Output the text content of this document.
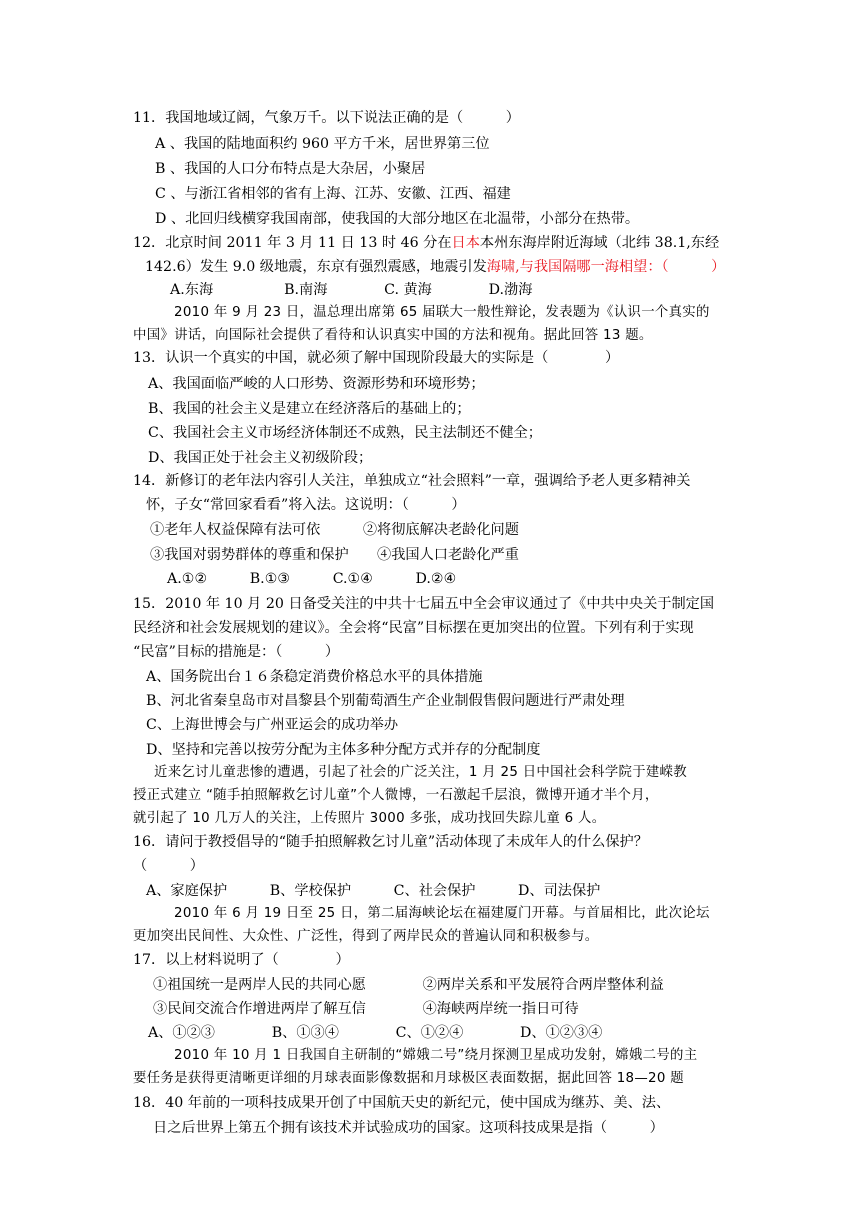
11．我国地域辽阔，气象万千。以下说法正确的是（　　　）
A 、我国的陆地面积约 960 平方千米，居世界第三位
B 、我国的人口分布特点是大杂居，小聚居
C 、与浙江省相邻的省有上海、江苏、安徽、江西、福建
D 、北回归线横穿我国南部，使我国的大部分地区在北温带，小部分在热带。
12．北京时间 2011 年 3 月 11 日 13 时 46 分在日本本州东海岸附近海域（北纬 38.1,东经
142.6）发生 9.0 级地震，东京有强烈震感，地震引发海啸,与我国隔哪一海相望：（　　　）
A.东海　　　　　B.南海　　　　C. 黄海　　　　D.渤海
2010 年 9 月 23 日，温总理出席第 65 届联大一般性辩论，发表题为《认识一个真实的
中国》讲话，向国际社会提供了看待和认识真实中国的方法和视角。据此回答 13 题。
13．认识一个真实的中国，就必须了解中国现阶段最大的实际是（　　　　）
A、我国面临严峻的人口形势、资源形势和环境形势；
B、我国的社会主义是建立在经济落后的基础上的；
C、我国社会主义市场经济体制还不成熟，民主法制还不健全；
D、我国正处于社会主义初级阶段；
14．新修订的老年法内容引人关注，单独成立“社会照料”一章，强调给予老人更多精神关
怀，子女“常回家看看”将入法。这说明：（　　　）
①老年人权益保障有法可依　　　②将彻底解决老龄化问题
③我国对弱势群体的尊重和保护　　④我国人口老龄化严重
A.①②　　　B.①③　　　C.①④　　　D.②④
15．2010 年 10 月 20 日备受关注的中共十七届五中全会审议通过了《中共中央关于制定国
民经济和社会发展规划的建议》。全会将“民富”目标摆在更加突出的位置。下列有利于实现
“民富”目标的措施是：（　　　）
A、国务院出台１６条稳定消费价格总水平的具体措施
B、河北省秦皇岛市对昌黎县个别葡萄酒生产企业制假售假问题进行严肃处理
C、上海世博会与广州亚运会的成功举办
D、坚持和完善以按劳分配为主体多种分配方式并存的分配制度
近来乞讨儿童悲惨的遭遇，引起了社会的广泛关注，1 月 25 日中国社会科学院于建嵘教
授正式建立 “随手拍照解救乞讨儿童”个人微博，一石激起千层浪，微博开通才半个月，
就引起了 10 几万人的关注，上传照片 3000 多张，成功找回失踪儿童 6 人。
16．请问于教授倡导的“随手拍照解救乞讨儿童”活动体现了未成年人的什么保护？
（　　　）
A、家庭保护　　　B、学校保护　　　C、社会保护　　　D、司法保护
2010 年 6 月 19 日至 25 日，第二届海峡论坛在福建厦门开幕。与首届相比，此次论坛
更加突出民间性、大众性、广泛性，得到了两岸民众的普遍认同和积极参与。
17．以上材料说明了（　　　　）
①祖国统一是两岸人民的共同心愿　　　　②两岸关系和平发展符合两岸整体利益
③民间交流合作增进两岸了解互信　　　　④海峡两岸统一指日可待
A、①②③　　　　B、①③④　　　　C、①②④　　　　D、①②③④
2010 年 10 月 1 日我国自主研制的“嫦娥二号”绕月探测卫星成功发射，嫦娥二号的主
要任务是获得更清晰更详细的月球表面影像数据和月球极区表面数据，据此回答 18—20 题
18．40 年前的一项科技成果开创了中国航天史的新纪元，使中国成为继苏、美、法、
日之后世界上第五个拥有该技术并试验成功的国家。这项科技成果是指（　　　）
